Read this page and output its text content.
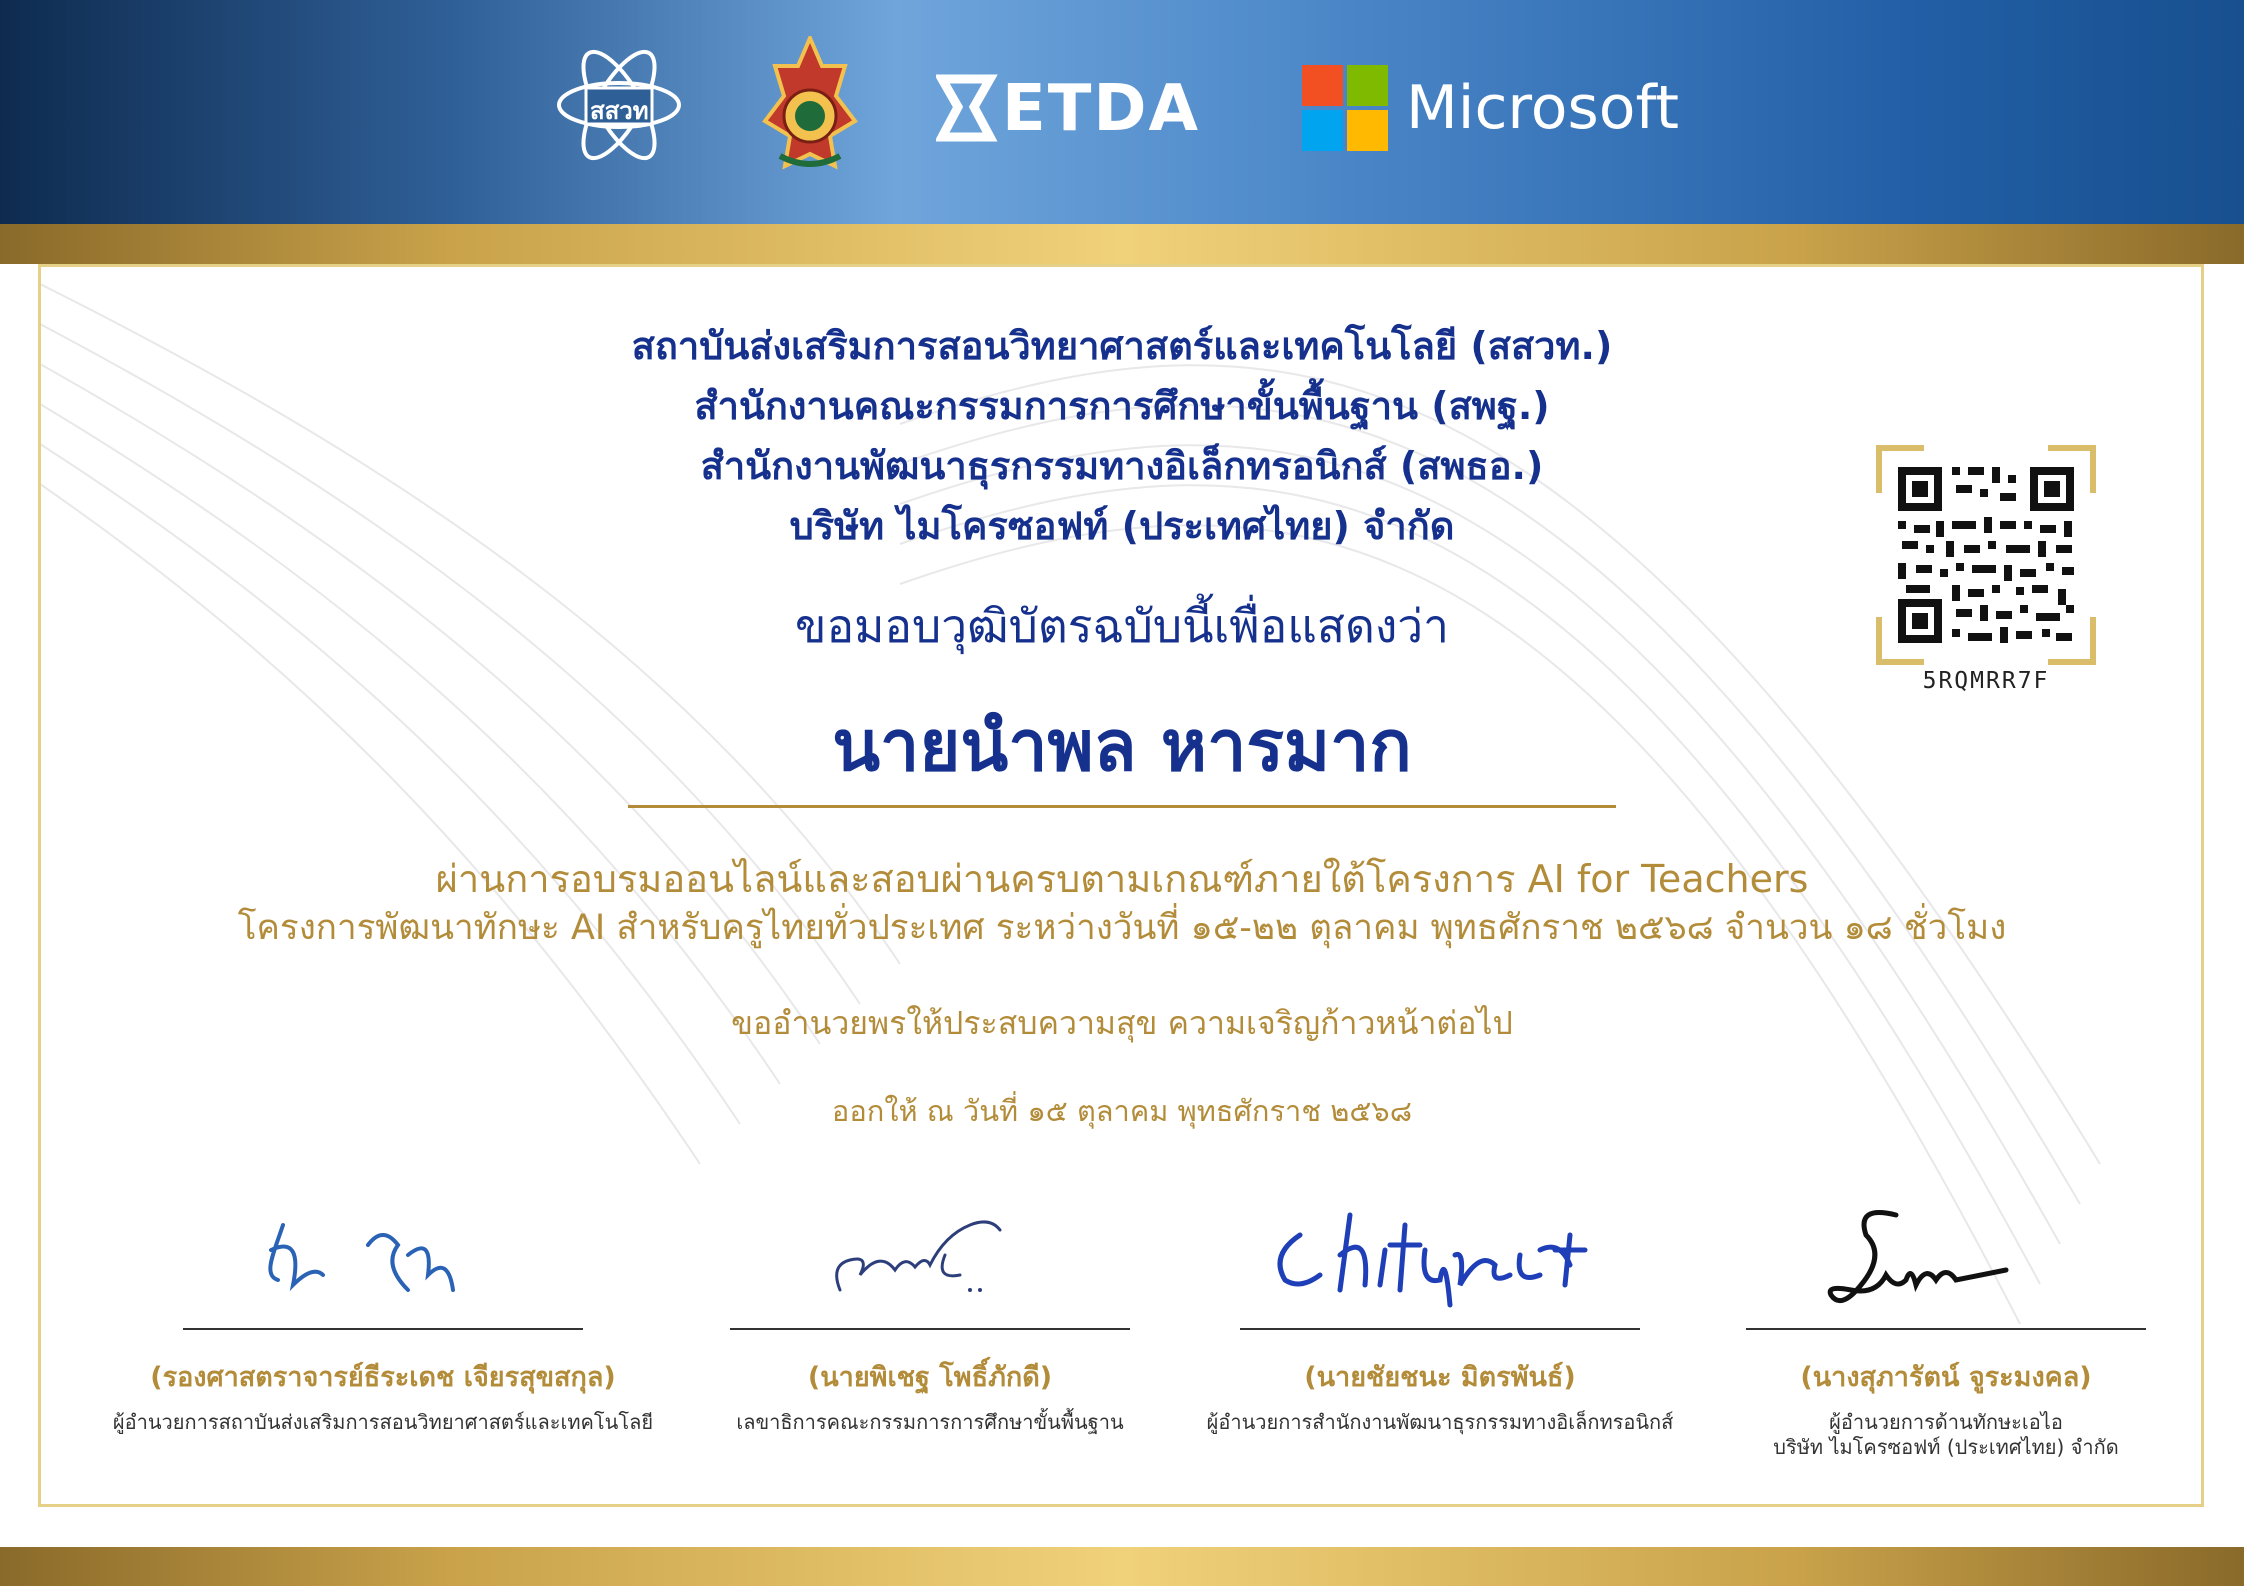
สสวท	ETDA	Microsoft
สถาบันส่งเสริมการสอนวิทยาศาสตร์และเทคโนโลยี (สสวท.)
สำนักงานคณะกรรมการการศึกษาขั้นพื้นฐาน (สพฐ.)
สำนักงานพัฒนาธุรกรรมทางอิเล็กทรอนิกส์ (สพธอ.)
บริษัท ไมโครซอฟท์ (ประเทศไทย) จำกัด
ขอมอบวุฒิบัตรฉบับนี้เพื่อแสดงว่า
นายนำพล หารมาก
ผ่านการอบรมออนไลน์และสอบผ่านครบตามเกณฑ์ภายใต้โครงการ AI for Teachers
โครงการพัฒนาทักษะ AI สำหรับครูไทยทั่วประเทศ ระหว่างวันที่ ๑๕-๒๒ ตุลาคม พุทธศักราช ๒๕๖๘ จำนวน ๑๘ ชั่วโมง
ขออำนวยพรให้ประสบความสุข ความเจริญก้าวหน้าต่อไป
ออกให้ ณ วันที่ ๑๕ ตุลาคม พุทธศักราช ๒๕๖๘
5RQMRR7F
(รองศาสตราจารย์ธีระเดช เจียรสุขสกุล)
ผู้อำนวยการสถาบันส่งเสริมการสอนวิทยาศาสตร์และเทคโนโลยี
(นายพิเชฐ โพธิ์ภักดี)
เลขาธิการคณะกรรมการการศึกษาขั้นพื้นฐาน
(นายชัยชนะ มิตรพันธ์)
ผู้อำนวยการสำนักงานพัฒนาธุรกรรมทางอิเล็กทรอนิกส์
(นางสุภารัตน์ จูระมงคล)
ผู้อำนวยการด้านทักษะเอไอ
บริษัท ไมโครซอฟท์ (ประเทศไทย) จำกัด
